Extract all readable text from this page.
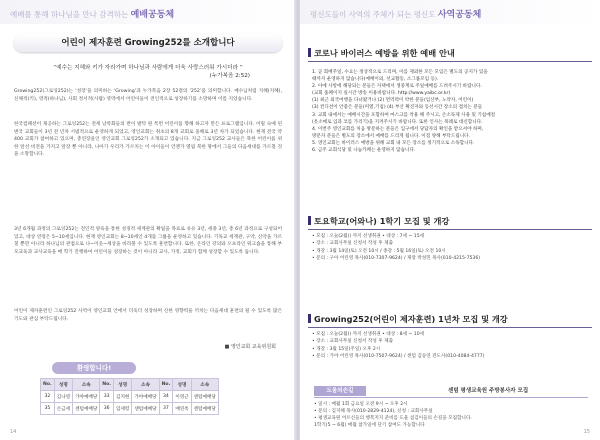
예배를 통해 하나님을 만나 감격하는 예배공동체
어린이 제자훈련 Growing252를 소개합니다
“예수는 지혜와 키가 자라가며 하나님과 사람에게 더욱 사랑스러워 가시더라 ”
(누가복음 2:52)
Growing252(그로잉252)는 ‘성장’을 의미하는 ‘Growing’과 누가복음 2장 52절의 ‘252’를 의미합니다. 예수님처럼 지혜(지혜), 신체적(키), 영적(하나님), 사회 정서적(사람) 영역에서 어린이들이 전인적으로 성장하기를 소망하며 이름 지었습니다.
한국컴패션이 제공하는 그로잉252는 전세 날록화들의 반이 발탁 원 특면 어린이를 향해 하고자 만든 프로그램입니다. 어릴 숙예 된 변국 교회들이 3년 전 년차 시범적으로 운영하게 되었고, 영인교회는 취초의 8개 교회로 올해로 3년 차가 되었습니다. 현재 전국 약 400 교회가 참여하고 있으며, 총연장을인 영인교회 그로잉252가 소개되고 있습니다. 지금 그로잉252 교사들은 북한 어린이를 위한 앞선 비전을 가지고 앞장 뿐 아니라, 나아가 우리가 가르치는 이 아이들이 언젠가 열림 북한 땅에서 그들의 다음세대를 가르칠 것을 소망합니다.
3년 6개월 과정의 그로잉252는 전인적 양육을 통한 성경적 세계관의 확립을 목표로 유유 3년, 세종 3년, 총 6년 과정으로 구성되어있고, 대상 연령은 5~10세입니다. 현재 영인교회는 8~10세인 4개를 그룹을 운영하고 있습니다. 기독교 세계관, 구약, 신약을 가르칠 뿐만 아니라 하나님의 관점으로 나~이웃~세상을 바라볼 수 있도록 훈련합니다. 또한, 온라인 강의와 오프라인 워크숍을 통해 부모교육과 교사교육을 매 학기 진행하여 어린이들 성장하는 것이 아니라 교사, 가정, 교회가 함께 성장할 수 있도록 돕니다.
어린이 제자훈련인 그로잉252 사역이 영인교회 안에서 더욱더 성장하며 신한 영향력을 끼치는 다음세대 훈련의 될 수 있도록 많은 기도와 관심 부탁드립니다.
■ 영인교회 교육위원회
환영합니다!
No.	성명	소속	No.	성명	소속	No.	성명	소속
32	김나영	가야예배당	33	김지현	가야예배당	34	이영근	센텀예배당
35	손금세	센텀예배당	36	임세령	센텀예배당	37	예연옥	센텀예배당
14
평신도들이 사역의 주체가 되는 평신도 사역공동체
코로나 바이러스 예방을 위한 예배 안내
1. 곧 회배주일, 수요는 정상적으로 드리며, 이를 제외한 모든 모임은 별도의 공지가 있을
때까지 운영하지 않습니다(예배이외, 선교활동, 소그룹모임 등).
2. 아예 사항에 해당되는 분들은 자택에서 생중계로 주일예배를 드려주시기 바랍니다.
(교회 홈페이지 실시간 방송 이용바랍니다. http://www.yaibc.or.kr)
(1) 최근 외국여행을 다녀왔거나 (2) 면역력이 약한 분들(임산부, 노약자, 어린이)
(3) 컨디션이 안좋은 분들(미열,기침) (4) 부산 확진자와 동선시간 장소의 겹치는 분들
3. 교회 내에서는 예배시간을 포함하여 마스크를 착용 해 주시고, 손소독제 사용 및 기침예절
(옷소매로 입과 코를 가리기)을 지켜주시기 바랍니다. 또한 인사는 목례로 대신합니다.
4. 이번주 영인교회를 처음 방문하는 분들은 입구에서 당담자의 확인을 받으셔야 하며,
방문자 분들은 별도의 장소에서 예배를 드리게 됩니다. 이점 양해 부탁드립니다.
5. 영인교회는 바이러스 예방을 위해 교회 내 모든 장소를 정기적으로 소독합니다.
6. 금주 교회식당 및 나눔카페는 운영하지 않습니다.
토요학교(어와나) 1학기 모집 및 개강
• 모집 : 오늘(2월)) 까지 선생취권 • 대상 : 7세 ~ 15세
• 장소 : 교회사무실 신청서 작성 후 제출
• 개강 : 3월 14일(토) 오전 10시 / 종강 : 5월 16일(토) 오전 10시
• 문의 : 구아 어린영 목사(010-7307-9624) / 제랑 박성민 목사(010-4215-7536)
Growing252(어린이 제자훈련) 1년차 모집 및 개강
• 모집 : 오늘(2월)) 까지 선생취권 • 대상 : 8세 ~ 10세
• 장소 : 교회사무실 신청서 작성 후 제출
• 개강 : 3월 15일(주일) 오후 2시
• 문의 : 가야 어린영 목사(010-7507-9624) / 센텀 김승연 전도사(010-4084-4777)
도움의손길	센텀 평생교육원 주방봉사자 모집
• 일시 : 매월 1회 금요일 오전 9시 ~ 오후 2시
• 문의 : 김지혜 목사(010-2829-4124), 신청 : 교회사무실
• 평생교육원 어르신들의 행복지지 준비를 도울 섬김이들의 손길을 모집합니다.
1학기(5 ~ 6월) 매월 참가일에 단기 참여도 가능합니다
15
